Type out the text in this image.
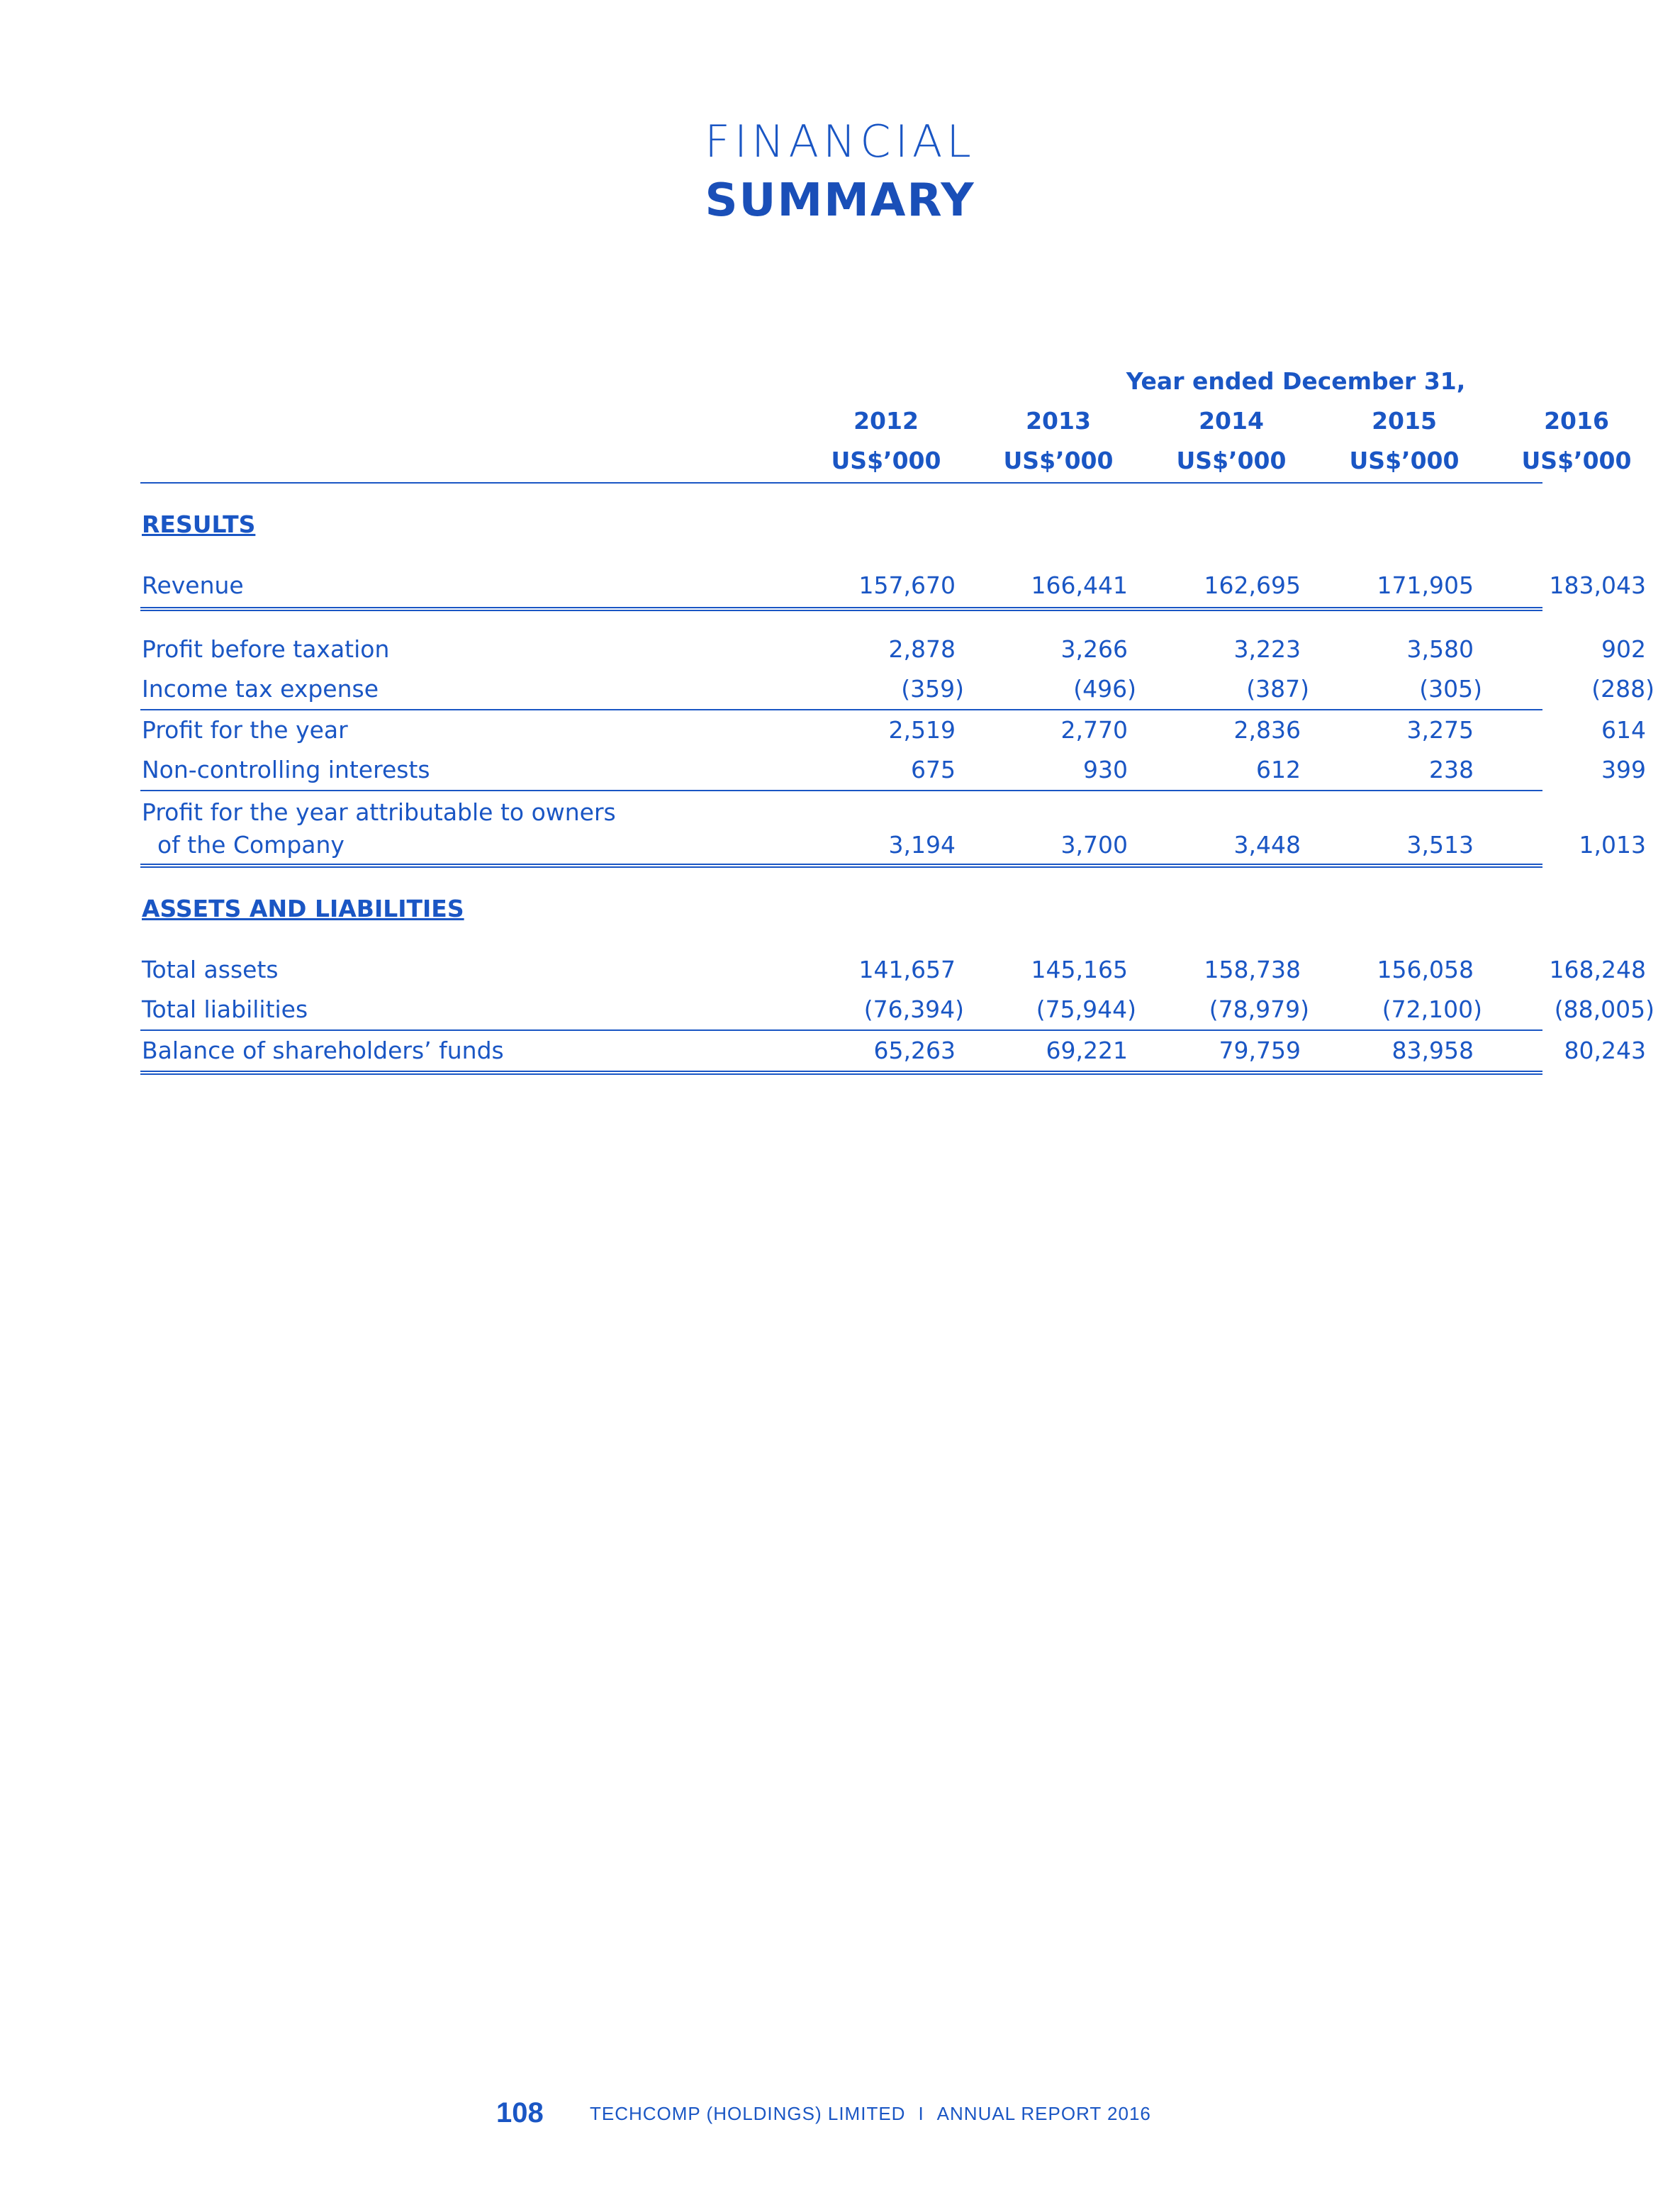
FINANCIAL
SUMMARY
Year ended December 31,
2012	2013	2014	2015	2016
US$’000	US$’000	US$’000	US$’000	US$’000
RESULTS
Revenue	157,670	166,441	162,695	171,905	183,043
Profit before taxation	2,878	3,266	3,223	3,580	902
Income tax expense	(359)	(496)	(387)	(305)	(288)
Profit for the year	2,519	2,770	2,836	3,275	614
Non-controlling interests	675	930	612	238	399
Profit for the year attributable to owners
of the Company	3,194	3,700	3,448	3,513	1,013
ASSETS AND LIABILITIES
Total assets	141,657	145,165	158,738	156,058	168,248
Total liabilities	(76,394)	(75,944)	(78,979)	(72,100)	(88,005)
Balance of shareholders’ funds	65,263	69,221	79,759	83,958	80,243
108	TECHCOMP (HOLDINGS) LIMITED I ANNUAL REPORT 2016
